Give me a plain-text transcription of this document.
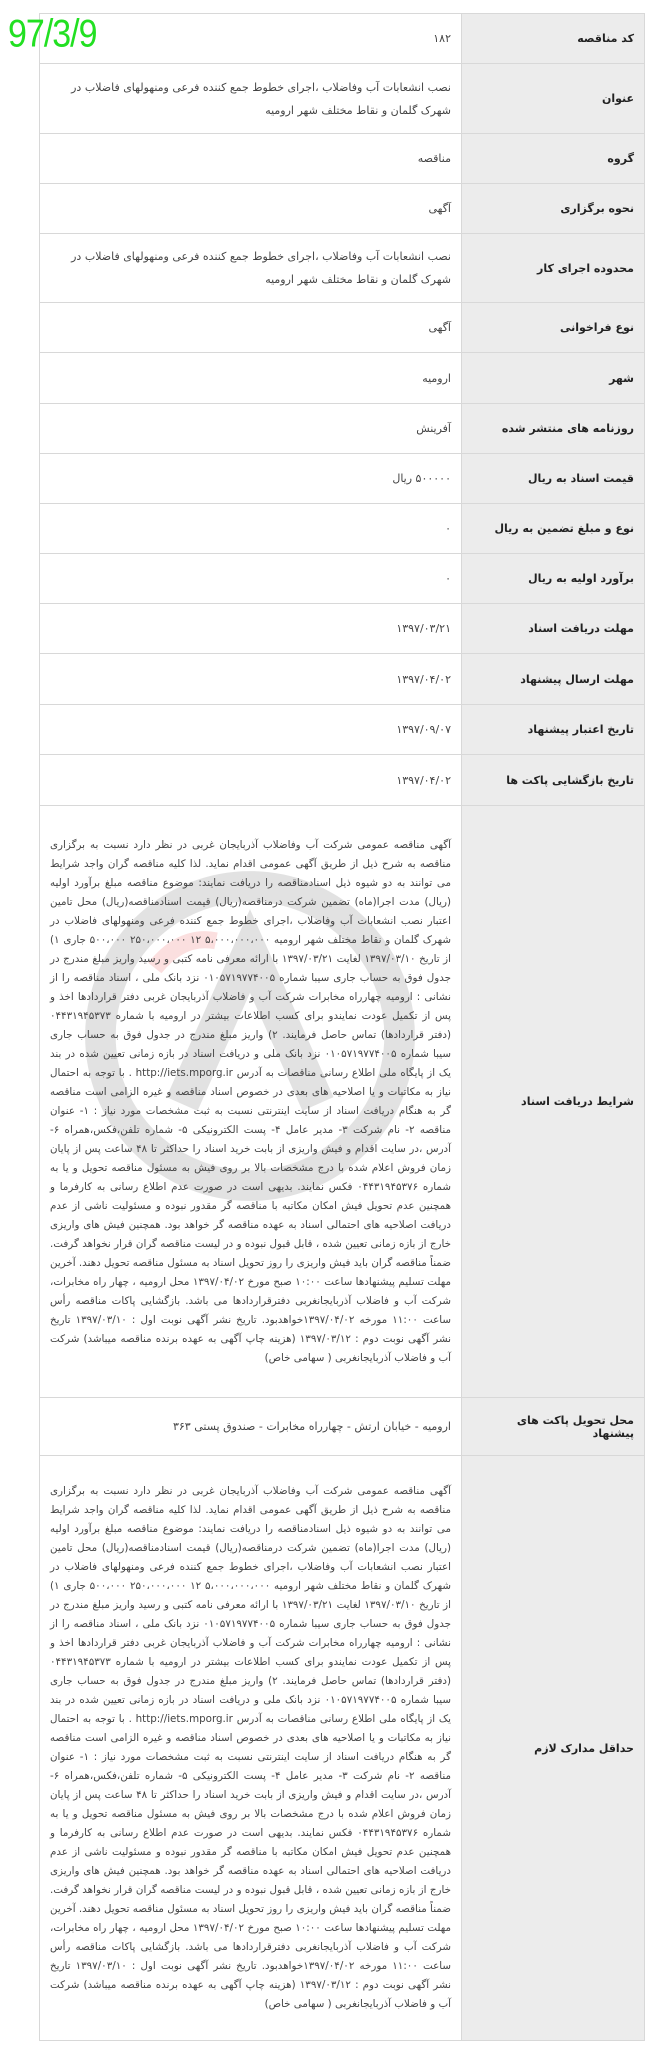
97/3/9	کد مناقصه	۱۸۲
عنوان	نصب انشعابات آب وفاضلاب ،اجرای خطوط جمع کننده فرعی ومنهولهای فاضلاب در شهرک گلمان و نقاط مختلف شهر ارومیه
گروه	مناقصه
نحوه برگزاری	آگهی
محدوده اجرای کار	نصب انشعابات آب وفاضلاب ،اجرای خطوط جمع کننده فرعی ومنهولهای فاضلاب در شهرک گلمان و نقاط مختلف شهر ارومیه
نوع فراخوانی	آگهی
شهر	ارومیه
روزنامه های منتشر شده	آفرینش
قیمت اسناد به ریال	۵۰۰۰۰۰ ریال
نوع و مبلغ تضمین به ریال	۰
برآورد اولیه به ریال	۰
مهلت دریافت اسناد	۱۳۹۷/۰۳/۲۱
مهلت ارسال پیشنهاد	۱۳۹۷/۰۴/۰۲
تاریخ اعتبار پیشنهاد	۱۳۹۷/۰۹/۰۷
تاریخ بازگشایی پاکت ها	۱۳۹۷/۰۴/۰۲
شرایط دریافت اسناد	آگهی مناقصه عمومی شرکت آب وفاضلاب آذربایجان غربی در نظر دارد نسبت به برگزاری مناقصه به شرح ذیل از طریق آگهی عمومی اقدام نماید. لذا کلیه مناقصه گران واجد شرایط می توانند به دو شیوه ذیل اسنادمناقصه را دریافت نمایند: موضوع مناقصه مبلغ برآورد اولیه (ریال) مدت اجرا(ماه) تضمین شرکت درمناقصه(ریال) قیمت اسنادمناقصه(ریال) محل تامین اعتبار نصب انشعابات آب وفاضلاب ،اجرای خطوط جمع کننده فرعی ومنهولهای فاضلاب در شهرک گلمان و نقاط مختلف شهر ارومیه ۵،۰۰۰،۰۰۰،۰۰۰ ۱۲ ۲۵۰،۰۰۰،۰۰۰ ۵۰۰،۰۰۰ جاری ۱) از تاریخ ۱۳۹۷/۰۳/۱۰ لغایت ۱۳۹۷/۰۳/۲۱ با ارائه معرفی نامه کتبی و رسید واریز مبلغ مندرج در جدول فوق به حساب جاری سیبا شماره ۰۱۰۵۷۱۹۷۷۴۰۰۵ نزد بانک ملی ، اسناد مناقصه را از نشانی : ارومیه چهارراه مخابرات شرکت آب و فاضلاب آذربایجان غربی دفتر قراردادها اخذ و پس از تکمیل عودت نمایندو برای کسب اطلاعات بیشتر در ارومیه با شماره ۰۴۴۳۱۹۴۵۳۷۳ (دفتر قراردادها) تماس حاصل فرمایند. ۲) واریز مبلغ مندرج در جدول فوق به حساب جاری سیبا شماره ۰۱۰۵۷۱۹۷۷۴۰۰۵ نزد بانک ملی و دریافت اسناد در بازه زمانی تعیین شده در بند یک از پایگاه ملی اطلاع رسانی مناقصات به آدرس http://iets.mporg.ir . با توجه به احتمال نیاز به مکاتبات و یا اصلاحیه های بعدی در خصوص اسناد مناقصه و غیره الزامی است مناقصه گر به هنگام دریافت اسناد از سایت اینترنتی نسبت به ثبت مشخصات مورد نیاز : ۱- عنوان مناقصه ۲- نام شرکت ۳- مدیر عامل ۴- پست الکترونیکی ۵- شماره تلفن،فکس،همراه ۶- آدرس ،در سایت اقدام و فیش واریزی از بابت خرید اسناد را حداکثر تا ۴۸ ساعت پس از پایان زمان فروش اعلام شده با درج مشخصات بالا بر روی فیش به مسئول مناقصه تحویل و یا به شماره ۰۴۴۳۱۹۴۵۳۷۶ فکس نمایند. بدیهی است در صورت عدم اطلاع رسانی به کارفرما و همچنین عدم تحویل فیش امکان مکاتبه با مناقصه گر مقدور نبوده و مسئولیت ناشی از عدم دریافت اصلاحیه های احتمالی اسناد به عهده مناقصه گر خواهد بود. همچنین فیش های واریزی خارج از بازه زمانی تعیین شده ، قابل قبول نبوده و در لیست مناقصه گران قرار نخواهد گرفت. ضمناً مناقصه گران باید فیش واریزی را روز تحویل اسناد به مسئول مناقصه تحویل دهند. آخرین مهلت تسلیم پیشنهادها ساعت ۱۰:۰۰ صبح مورخ ۱۳۹۷/۰۴/۰۲ محل ارومیه ، چهار راه مخابرات، شرکت آب و فاضلاب آذربایجانغربی دفترقراردادها می باشد. بازگشایی پاکات مناقصه رأس ساعت ۱۱:۰۰ مورخه ۱۳۹۷/۰۴/۰۲خواهدبود. تاریخ نشر آگهی نوبت اول : ۱۳۹۷/۰۳/۱۰ تاریخ نشر آگهی نوبت دوم : ۱۳۹۷/۰۳/۱۲ (هزینه چاپ آگهی به عهده برنده مناقصه میباشد) شرکت آب و فاضلاب آذربایجانغربی ( سهامی خاص)
محل تحویل پاکت های پیشنهاد	ارومیه - خیابان ارتش - چهارراه مخابرات - صندوق پستی ۳۶۳
حداقل مدارک لازم	آگهی مناقصه عمومی شرکت آب وفاضلاب آذربایجان غربی در نظر دارد نسبت به برگزاری مناقصه به شرح ذیل از طریق آگهی عمومی اقدام نماید. لذا کلیه مناقصه گران واجد شرایط می توانند به دو شیوه ذیل اسنادمناقصه را دریافت نمایند: موضوع مناقصه مبلغ برآورد اولیه (ریال) مدت اجرا(ماه) تضمین شرکت درمناقصه(ریال) قیمت اسنادمناقصه(ریال) محل تامین اعتبار نصب انشعابات آب وفاضلاب ،اجرای خطوط جمع کننده فرعی ومنهولهای فاضلاب در شهرک گلمان و نقاط مختلف شهر ارومیه ۵،۰۰۰،۰۰۰،۰۰۰ ۱۲ ۲۵۰،۰۰۰،۰۰۰ ۵۰۰،۰۰۰ جاری ۱) از تاریخ ۱۳۹۷/۰۳/۱۰ لغایت ۱۳۹۷/۰۳/۲۱ با ارائه معرفی نامه کتبی و رسید واریز مبلغ مندرج در جدول فوق به حساب جاری سیبا شماره ۰۱۰۵۷۱۹۷۷۴۰۰۵ نزد بانک ملی ، اسناد مناقصه را از نشانی : ارومیه چهارراه مخابرات شرکت آب و فاضلاب آذربایجان غربی دفتر قراردادها اخذ و پس از تکمیل عودت نمایندو برای کسب اطلاعات بیشتر در ارومیه با شماره ۰۴۴۳۱۹۴۵۳۷۳ (دفتر قراردادها) تماس حاصل فرمایند. ۲) واریز مبلغ مندرج در جدول فوق به حساب جاری سیبا شماره ۰۱۰۵۷۱۹۷۷۴۰۰۵ نزد بانک ملی و دریافت اسناد در بازه زمانی تعیین شده در بند یک از پایگاه ملی اطلاع رسانی مناقصات به آدرس http://iets.mporg.ir . با توجه به احتمال نیاز به مکاتبات و یا اصلاحیه های بعدی در خصوص اسناد مناقصه و غیره الزامی است مناقصه گر به هنگام دریافت اسناد از سایت اینترنتی نسبت به ثبت مشخصات مورد نیاز : ۱- عنوان مناقصه ۲- نام شرکت ۳- مدیر عامل ۴- پست الکترونیکی ۵- شماره تلفن،فکس،همراه ۶- آدرس ،در سایت اقدام و فیش واریزی از بابت خرید اسناد را حداکثر تا ۴۸ ساعت پس از پایان زمان فروش اعلام شده با درج مشخصات بالا بر روی فیش به مسئول مناقصه تحویل و یا به شماره ۰۴۴۳۱۹۴۵۳۷۶ فکس نمایند. بدیهی است در صورت عدم اطلاع رسانی به کارفرما و همچنین عدم تحویل فیش امکان مکاتبه با مناقصه گر مقدور نبوده و مسئولیت ناشی از عدم دریافت اصلاحیه های احتمالی اسناد به عهده مناقصه گر خواهد بود. همچنین فیش های واریزی خارج از بازه زمانی تعیین شده ، قابل قبول نبوده و در لیست مناقصه گران قرار نخواهد گرفت. ضمناً مناقصه گران باید فیش واریزی را روز تحویل اسناد به مسئول مناقصه تحویل دهند. آخرین مهلت تسلیم پیشنهادها ساعت ۱۰:۰۰ صبح مورخ ۱۳۹۷/۰۴/۰۲ محل ارومیه ، چهار راه مخابرات، شرکت آب و فاضلاب آذربایجانغربی دفترقراردادها می باشد. بازگشایی پاکات مناقصه رأس ساعت ۱۱:۰۰ مورخه ۱۳۹۷/۰۴/۰۲خواهدبود. تاریخ نشر آگهی نوبت اول : ۱۳۹۷/۰۳/۱۰ تاریخ نشر آگهی نوبت دوم : ۱۳۹۷/۰۳/۱۲ (هزینه چاپ آگهی به عهده برنده مناقصه میباشد) شرکت آب و فاضلاب آذربایجانغربی ( سهامی خاص)
